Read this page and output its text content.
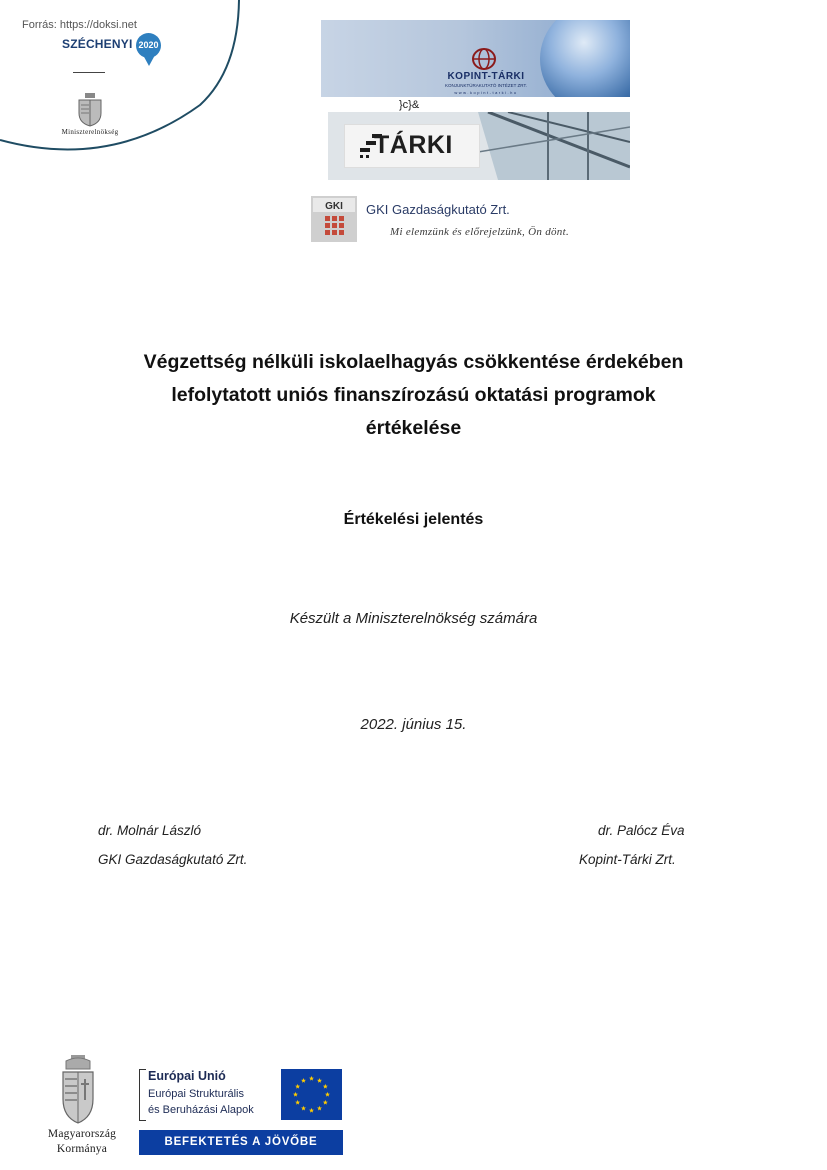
Forrás: https://doksi.net
SZÉCHENYI 2020
Miniszterelnökség
KOPINT-TÁRKI
KONJUNKTÚRAKUTATÓ INTÉZET ZRT.
www.kopint-tarki.hu
}c}&
TÁRKI
GKI GKI Gazdaságkutató Zrt.
Mi elemzünk és előrejelzünk, Ön dönt.
Végzettség nélküli iskolaelhagyás csökkentése érdekében
lefolytatott uniós finanszírozású oktatási programok
értékelése
Értékelési jelentés
Készült a Miniszterelnökség számára
2022. június 15.
dr. Molnár László
GKI Gazdaságkutató Zrt.
dr. Palócz Éva
Kopint-Tárki Zrt.
Magyarország
Kormánya
Európai Unió
Európai Strukturális
és Beruházási Alapok
BEFEKTETÉS A JÖVŐBE
